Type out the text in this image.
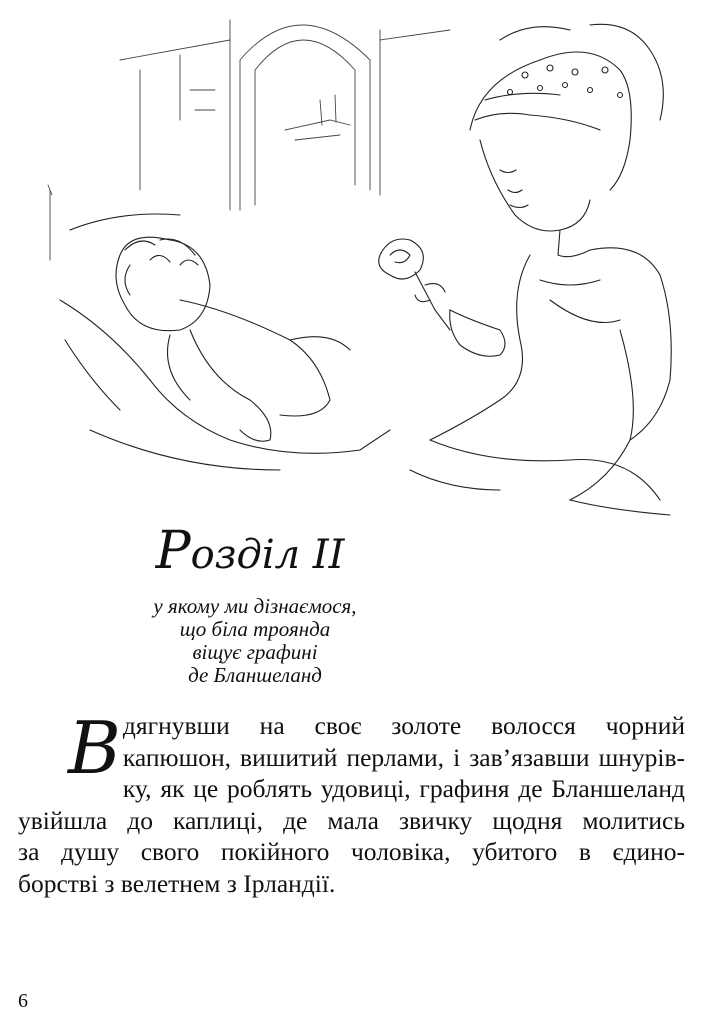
Розділ ІІ
у якому ми дізнаємося,
що біла троянда
віщує графині
де Бланшеланд
В дягнувши на своє золоте волосся чорний
капюшон, вишитий перлами, і зав’язавши шнурів-
ку, як це роблять удовиці, графиня де Бланшеланд
увійшла до каплиці, де мала звичку щодня молитись
за душу свого покійного чоловіка, убитого в єдино-
борстві з велетнем з Ірландії.
6
